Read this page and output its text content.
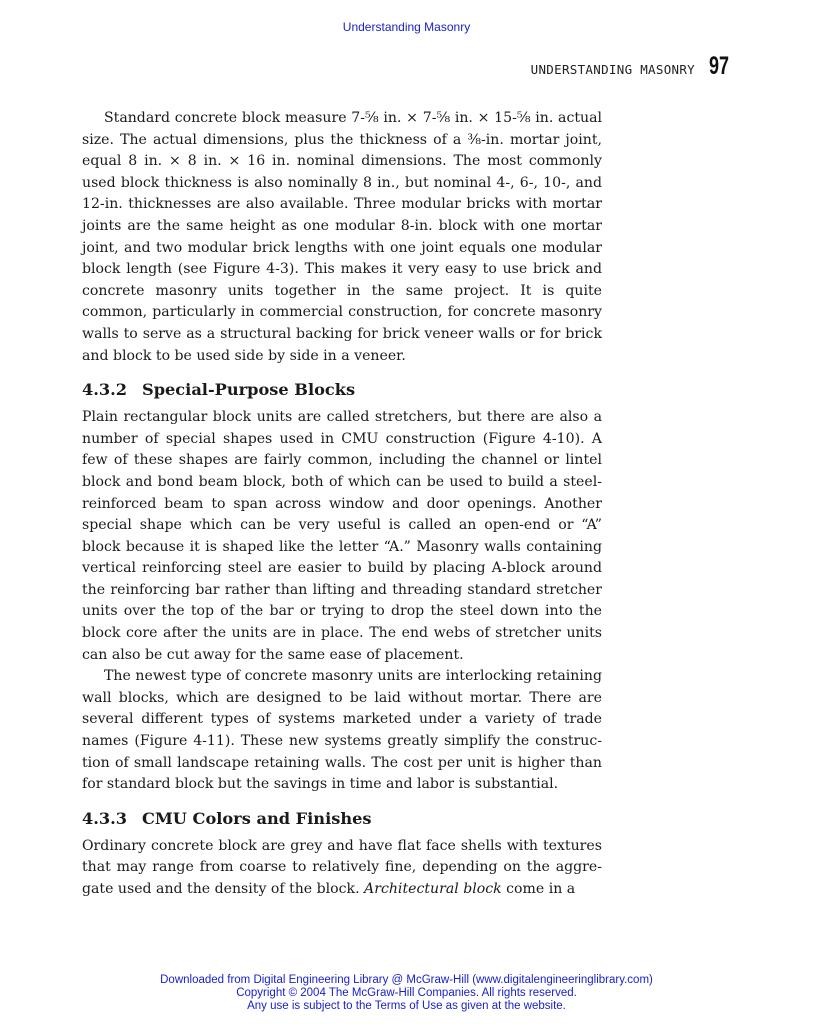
Understanding Masonry
UNDERSTANDING MASONRY 97

Standard concrete block measure 7-⁵⁄₈ in. × 7-⁵⁄₈ in. × 15-⁵⁄₈ in. actual size. The actual dimensions, plus the thickness of a ³⁄₈-in. mortar joint, equal 8 in. × 8 in. × 16 in. nominal dimensions. The most commonly used block thickness is also nominally 8 in., but nominal 4-, 6-, 10-, and 12-in. thicknesses are also available. Three modular bricks with mortar joints are the same height as one modular 8-in. block with one mortar joint, and two modular brick lengths with one joint equals one modular block length (see Figure 4-3). This makes it very easy to use brick and concrete masonry units together in the same project. It is quite common, particularly in commercial construction, for concrete masonry walls to serve as a structural backing for brick veneer walls or for brick and block to be used side by side in a veneer.

4.3.2 Special-Purpose Blocks

Plain rectangular block units are called stretchers, but there are also a number of special shapes used in CMU construction (Figure 4-10). A few of these shapes are fairly common, including the channel or lintel block and bond beam block, both of which can be used to build a steel-reinforced beam to span across window and door openings. Another special shape which can be very useful is called an open-end or “A” block because it is shaped like the letter “A.” Masonry walls containing vertical reinforcing steel are easier to build by placing A-block around the reinforcing bar rather than lifting and threading standard stretcher units over the top of the bar or trying to drop the steel down into the block core after the units are in place. The end webs of stretcher units can also be cut away for the same ease of placement.

The newest type of concrete masonry units are interlocking retaining wall blocks, which are designed to be laid without mortar. There are several different types of systems marketed under a variety of trade names (Figure 4-11). These new systems greatly simplify the construction of small landscape retaining walls. The cost per unit is higher than for standard block but the savings in time and labor is substantial.

4.3.3 CMU Colors and Finishes

Ordinary concrete block are grey and have flat face shells with textures that may range from coarse to relatively fine, depending on the aggregate used and the density of the block. Architectural block come in a

Downloaded from Digital Engineering Library @ McGraw-Hill (www.digitalengineeringlibrary.com)
Copyright © 2004 The McGraw-Hill Companies. All rights reserved.
Any use is subject to the Terms of Use as given at the website.
